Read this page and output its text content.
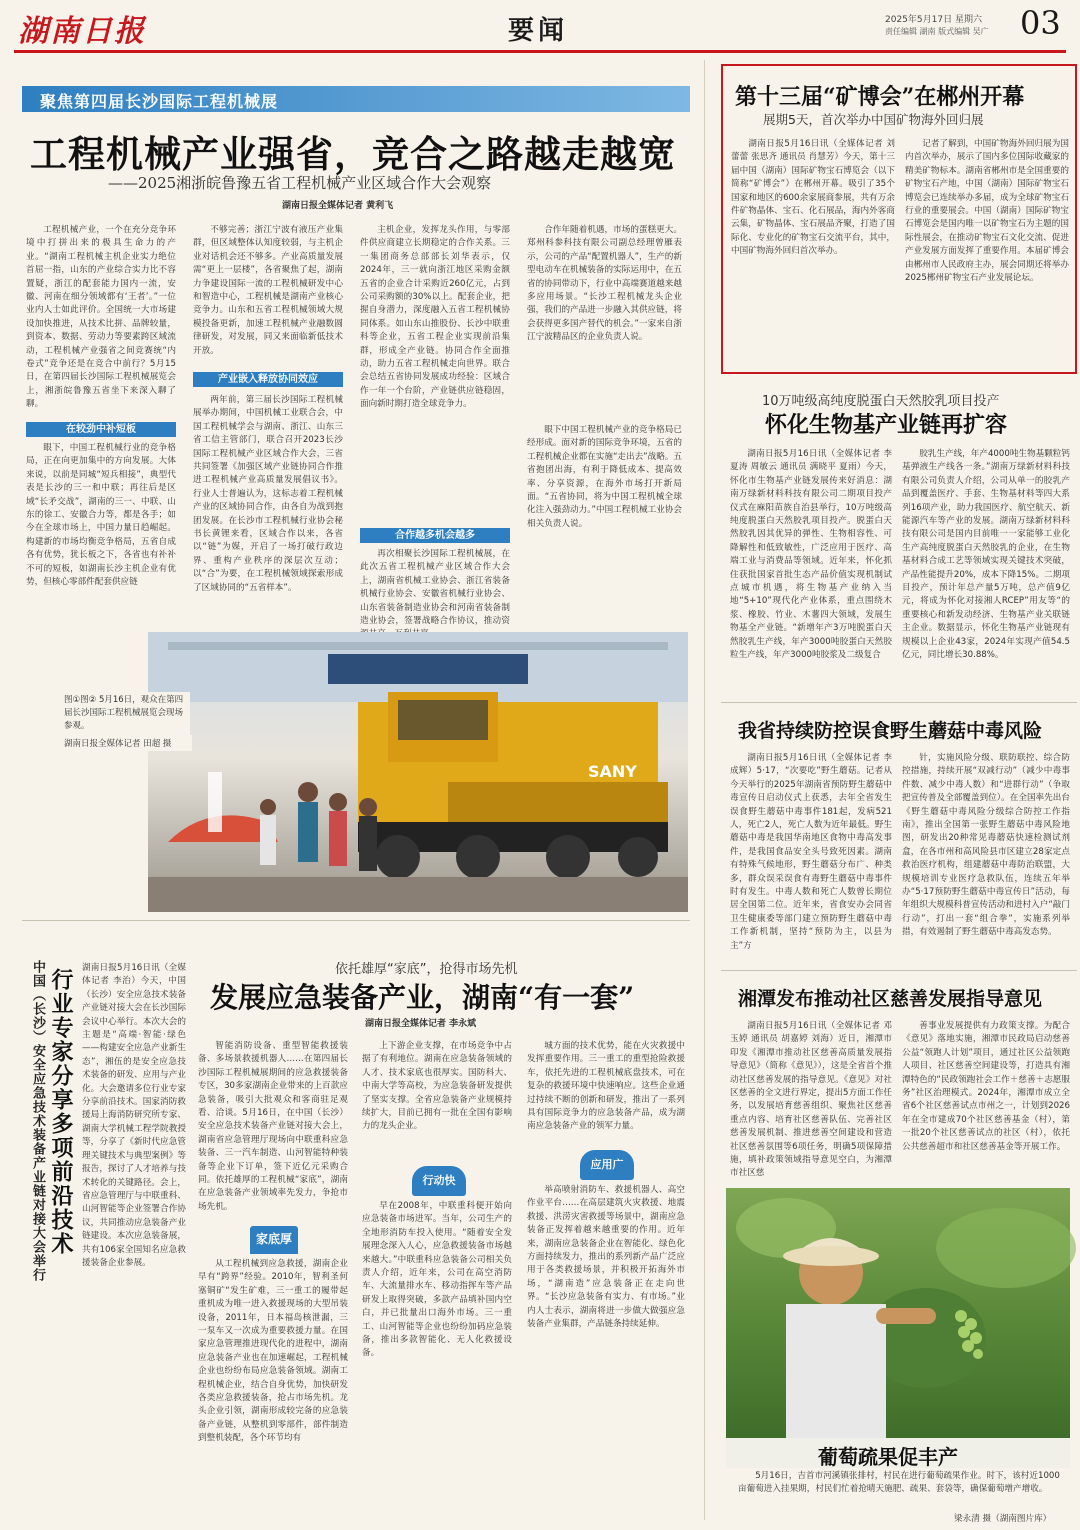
湖南日报	要闻	2025年5月17日 星期六
责任编辑 湖南 版式编辑 吴广 03
聚焦第四届长沙国际工程机械展
工程机械产业强省，竞合之路越走越宽
——2025湘浙皖鲁豫五省工程机械产业区域合作大会观察
湖南日报全媒体记者 黄利飞
工程机械产业，一个在充分竞争环境中打拼出来的极具生命力的产业。“湖南工程机械主机企业实力绝位首屈一指，山东的产业综合实力比不容置疑，浙江的配套能力国内一流，安徽、河南在细分领域都有‘王者’。”一位业内人士如此评价。全国统一大市场建设加快推进，从技术比拼、品牌较量，到资本、数据、劳动力等要素跨区域流动，工程机械产业强省之间竞赛统“内卷式”竞争还是在竞合中前行？5月15日，在第四届长沙国际工程机械展览会上，湘浙皖鲁豫五省坐下来深入聊了聊。
在较劲中补短板
眼下，中国工程机械行业的竞争格局，正在向更加集中的方向发展。大体来说，以前是同城“短兵相接”，典型代表是长沙的三一和中联；再往后是区域“长矛交战”，湖南的三一、中联、山东的徐工、安徽合力等，都是各手；如今在全球市场上，中国力量日趋崛起。构建新的市场均衡竞争格局，五省自成各有优势，犹长板之下，各省也有补补不可的短板，如湖南长沙主机企业有优势，但核心零部件配套供应链
不够完善；浙江宁波有液压产业集群，但区域整体认知度较弱，与主机企业对话机会还不够多。产业高质量发展需“更上一层楼”，各省聚焦了起，湖南力争建设国际一流的工程机械研发中心和智造中心，工程机械是湖南产业核心竞争力。山东和五省工程机械领域大规模投备更新，加速工程机械产业融数圆律研发，对发展，同又来面临新低技术开放。
产业嵌入释放协同效应
两年前，第三届长沙国际工程机械展举办期间，中国机械工业联合会，中国工程机械学会与湖南、浙江、山东三省工信主管部门，联合召开2023长沙国际工程机械产业区域合作大会，三省共同签署《加强区域产业链协同合作推进工程机械产业高质量发展倡议书》。行业人士普遍认为，这标志着工程机械产业的区域协同合作，由各自为战到抱团发展。在长沙市工程机械行业协会秘书长黄锂来看，区域合作以来，各省以“链”为媒，开启了一场打破行政边界、重构产业秩序的深层次互动；以“合”为要，在工程机械领域探索形成了区域协同的“五省样本”。
主机企业，发挥龙头作用，与零部件供应商建立长期稳定的合作关系。三一集团商务总部部长刘华表示，仅2024年，三一就向浙江地区采购金额五省的企业合计采购近260亿元，占到公司采购额的30%以上。配套企业，把握自身潜力，深度融入五省工程机械协同体系。如山东山推股份、长沙中联重科等企业，五省工程企业实现前沿集群，形成全产业链。协同合作全面推动，助力五省工程机械走向世界。联合会总结五省协同发展成功经验：区域合作一年一个台阶，产业链供应链稳固，面向新时期打造全球竞争力。
合作越多机会越多
再次相聚长沙国际工程机械展，在此次五省工程机械产业区域合作大会上，湖南省机械工业协会、浙江省装备机械行业协会、安徽省机械行业协会、山东省装备制造业协会和河南省装备制造业协会，签署战略合作协议，推动资
合作年随着机遇，市场的蛋糕更大。郑州科参科技有限公司副总经理曾雁表示，公司的产品“配置机器人”，生产的新型电动车在机械装备的实际运用中，在五省的协同带动下，行业中高端赛道越来越多应用场景。“长沙工程机械龙头企业强，我们的产品进一步融入其供应链，将会获得更多国产替代的机会。”一家来自浙江宁波精品区的企业负责人说。
眼下中国工程机械产业的竞争格局已经形成。面对新的国际竞争环境，五省的工程机械企业都在实施“走出去”战略。五省抱团出海，有利于降低成本、提高效率、分享资源，在海外市场打开新局面。“五省协同，将为中国工程机械全球化注入强劲动力。”中国工程机械工业协会相关负责人说。
SANY
图①图② 5月16日，观众在第四届长沙国际工程机械展览会现场参观。
湖南日报全媒体记者 田超 摄
中国（长沙）安全应急技术装备产业链对接大会举行 行业专家分享多项前沿技术 湖南日报5月16日讯（全媒体记者 李治）今天，中国（长沙）安全应急技术装备产业链对接大会在长沙国际会议中心举行。本次大会的主题是“高端·智能·绿色——构建安全应急产业新生态”，湘伍的是安全应急技术装备的研发、应用与产业化。大会邀请多位行业专家分享前沿技术。国家消防救援局上海消防研究所专家、湖南大学机械工程学院教授等，分享了《新时代应急管理关键技术与典型案例》等报告，探讨了人才培养与技术转化的关键路径。会上，省应急管理厅与中联重科、山河智能等企业签署合作协议，共同推动应急装备产业链建设。本次应急装备展，共有106家全国知名应急救援装备企业参展。
依托雄厚“家底”，抢得市场先机
发展应急装备产业，湖南“有一套”
湖南日报全媒体记者 李永斌
智能消防设备、重型智能救援装备、多场景救援机器人……在第四届长沙国际工程机械展期间的应急救援装备专区，30多家湖南企业带来的上百款应急装备，吸引大批观众和客商驻足观看、洽谈。5月16日，在中国（长沙）安全应急技术装备产业链对接大会上，湖南省应急管理厅现场向中联重科应急装备、三一汽车制造、山河智能特种装备等企业下订单，签下近亿元采购合同。依托雄厚的工程机械“家底”，湖南在应急装备产业领域率先发力，争抢市场先机。
家底厚
从工程机械到应急救援，湖南企业早有“跨界”经验。2010年，智利圣何塞铜矿“发生矿难，三一重工的履带起重机成为唯一进入救援现场的大型吊装设备，2011年，日本福岛核泄漏，三一泵车又一次成为重要救援力量。在国家应急管理推进现代化的进程中，湖南应急装备产业也在加速崛起，工程机械企业也纷纷布局应急装备领域。湖南工程机械企业，结合自身优势，加快研发各类应急救援装备，抢占市场先机。龙头企业引领，湖南形成较完备的应急装备产业链，从整机到零部件，部件制造到整机装配，各个环节均有
上下游企业支撑，在市场竞争中占据了有利地位。湖南在应急装备领域的人才、技术家底也很厚实。国防科大、中南大学等高校，为应急装备研发提供了坚实支撑。全省应急装备产业规模持续扩大，目前已拥有一批在全国有影响力的龙头企业。
行动快
早在2008年，中联重科便开始向应急装备市场进军。当年，公司生产的全地形消防车投入使用。“随着安全发展理念深入人心，应急救援装备市场越来越大。”中联重科应急装备公司相关负责人介绍，近年来，公司在高空消防车、大流量排水车、移动指挥车等产品研发上取得突破，多款产品填补国内空白，并已批量出口海外市场。三一重工、山河智能等企业也纷纷加码应急装备，推出多款智能化、无人化救援设备。
城方面的技术优势，能在火灾救援中发挥重要作用。三一重工的重型抢险救援车，依托先进的工程机械底盘技术，可在复杂的救援环境中快速响应。这些企业通过持续不断的创新和研发，推出了一系列具有国际竞争力的应急装备产品，成为湖南应急装备产业的领军力量。
应用广
举高喷射消防车、救援机器人、高空作业平台……在高层建筑火灾救援、地震救援、洪涝灾害救援等场景中，湖南应急装备正发挥着越来越重要的作用。近年来，湖南应急装备企业在智能化、绿色化方面持续发力，推出的系列新产品广泛应用于各类救援场景，并积极开拓海外市场，“湖南造”应急装备正在走向世界。“长沙应急装备有实力、有市场。”业内人士表示，湖南将进一步做大做强应急装备产业集群，产品链条持续延伸。
第十三届“矿博会”在郴州开幕
展期5天，首次举办中国矿物海外回归展
湖南日报5月16日讯（全媒体记者 刘蕾蕾 张思齐 通讯员 肖慧芳）今天，第十三届中国（湖南）国际矿物宝石博览会（以下简称“矿博会”）在郴州开幕。吸引了35个国家和地区的600余家展商参展，共有万余件矿物晶体、宝石、化石展品，海内外客商云集，矿物晶体、宝石展品齐聚，打造了国际化、专业化的矿物宝石交流平台，其中，中国矿物海外回归首次举办。
记者了解到，中国矿物海外回归展为国内首次举办，展示了国内多位国际收藏家的精美矿物标本。湖南省郴州市是全国重要的矿物宝石产地，中国（湖南）国际矿物宝石博览会已连续举办多届，成为全球矿物宝石行业的重要展会。中国（湖南）国际矿物宝石博览会是国内唯一以矿物宝石为主题的国际性展会，在推动矿物宝石文化交流、促进产业发展方面发挥了重要作用。本届矿博会由郴州市人民政府主办，展会同期还将举办2025郴州矿物宝石产业发展论坛。
10万吨级高纯度脱蛋白天然胶乳项目投产
怀化生物基产业链再扩容
湖南日报5月16日讯（全媒体记者 李夏涛 周敏云 通讯员 满晓平 夏雨）今天，怀化市生物基产业链发展传来好消息：湖南万绿新材料科技有限公司二期项目投产仪式在麻阳苗族自治县举行，10万吨级高纯度脱蛋白天然胶乳项目投产。脱蛋白天然胶乳因其优异的弹性、生物相容性、可降解性和低致敏性，广泛应用于医疗、高端工业与消费品等领域。近年来，怀化抓住获批国家首批生态产品价值实现机制试点城市机遇，将生物基产业纳入当地“5+10”现代化产业体系，重点围绕木浆、橡胶、竹业、木薯四大领域，发展生物基全产业链。“新增年产3万吨脱蛋白天然胶乳生产线，年产3000吨胶蛋白天然胶粒生产线，年产3000吨胶浆及二级复合
胶乳生产线，年产4000吨生物基颗粒钙基弹液生产线各一条。”湖南万绿新材料科技有限公司负责人介绍，公司从单一的胶乳产品到覆盖医疗、手套、生物基材料等四大系列16项产业，助力我国医疗、航空航天、新能源汽车等产业的发展。湖南万绿新材料科技有限公司是国内目前唯一一家能够工业化生产高纯度脱蛋白天然胶乳的企业，在生物基材料合成工艺等领域实现关键技术突破，产品性能提升20%，成本下降15%。二期项目投产，预计年总产量5万吨，总产值9亿元，将成为怀化对接湘人RCEP”用友等“的重要核心和新发动经济、生物基产业关联链主企业。数据显示，怀化生物基产业链现有规模以上企业43家，2024年实现产值54.5亿元，同比增长30.88%。
我省持续防控误食野生蘑菇中毒风险
湖南日报5月16日讯（全媒体记者 李成辉）5·17，“次要吃”野生蘑菇。记者从今天举行的2025年湖南省预防野生蘑菇中毒宣传日启动仪式上获悉，去年全省发生误食野生蘑菇中毒事件181起，发病521人，死亡2人，死亡人数为近年最低。野生蘑菇中毒是我国华南地区食物中毒高发事件，是我国食品安全头号致死因素。湖南有特殊气候地形，野生蘑菇分布广、种类多，群众误采误食有毒野生蘑菇中毒事件时有发生。中毒人数和死亡人数曾长期位居全国第二位。近年来，省食安办会同省卫生健康委等部门建立预防野生蘑菇中毒工作新机制，坚持“预防为主，以县为主”方
针，实施风险分级、联防联控、综合防控措施，持续开展“双减行动”（减少中毒事件数、减少中毒人数）和“进群行动”（争取把宣传普及全部覆盖到位）。在全国率先出台《野生蘑菇中毒风险分级综合防控工作指南》，推出全国第一张野生蘑菇中毒风险地图，研发出20种常见毒蘑菇快速检测试剂盒，在各市州和高风险县市区建立28家定点救治医疗机构，组建蘑菇中毒防治联盟，大规模培训专业医疗急救队伍，连续五年举办“5·17预防野生蘑菇中毒宣传日”活动，每年组织大规模科普宣传活动和进村入户“敲门行动”，打出一套“组合拳”，实施系列举措，有效遏制了野生蘑菇中毒高发态势。
湘潭发布推动社区慈善发展指导意见
湖南日报5月16日讯（全媒体记者 邓玉婷 通讯员 胡嘉婷 刘海）近日，湘潭市印发《湘潭市推动社区慈善高质量发展指导意见》（简称《意见》），这是全省首个推动社区慈善发展的指导意见。《意见》对社区慈善的全文进行界定，提出5方面工作任务，以发展培育慈善组织、聚焦社区慈善重点内容、培育社区慈善队伍、完善社区慈善发展机制、推进慈善空间建设和营造社区慈善氛围等6项任务，明确5项保障措施，填补政策领域指导意见空白，为湘潭市社区慈
善事业发展提供有力政策支撑。为配合《意见》落地实施，湘潭市民政局启动慈善公益“领跑人计划”项目，通过社区公益领跑人项目、社区慈善空间建设等，打造具有湘潭特色的“民政领跑社会工作＋慈善＋志愿服务”社区治理模式。2024年，湘潭市成立全省6个社区慈善试点市州之一，计划到2026年在全市建成70个社区慈善基金（村），第一批20个社区慈善试点的社区（村），依托公共慈善超市和社区慈善基金等开展工作。
葡萄疏果促丰产
5月16日，吉首市河溪镇张排村，村民在进行葡萄疏果作业。时下，该村近1000亩葡萄进入挂果期，村民们忙着抢晴天施肥、疏果、套袋等，确保葡萄增产增收。
梁永清 摄（湖南图片库）
